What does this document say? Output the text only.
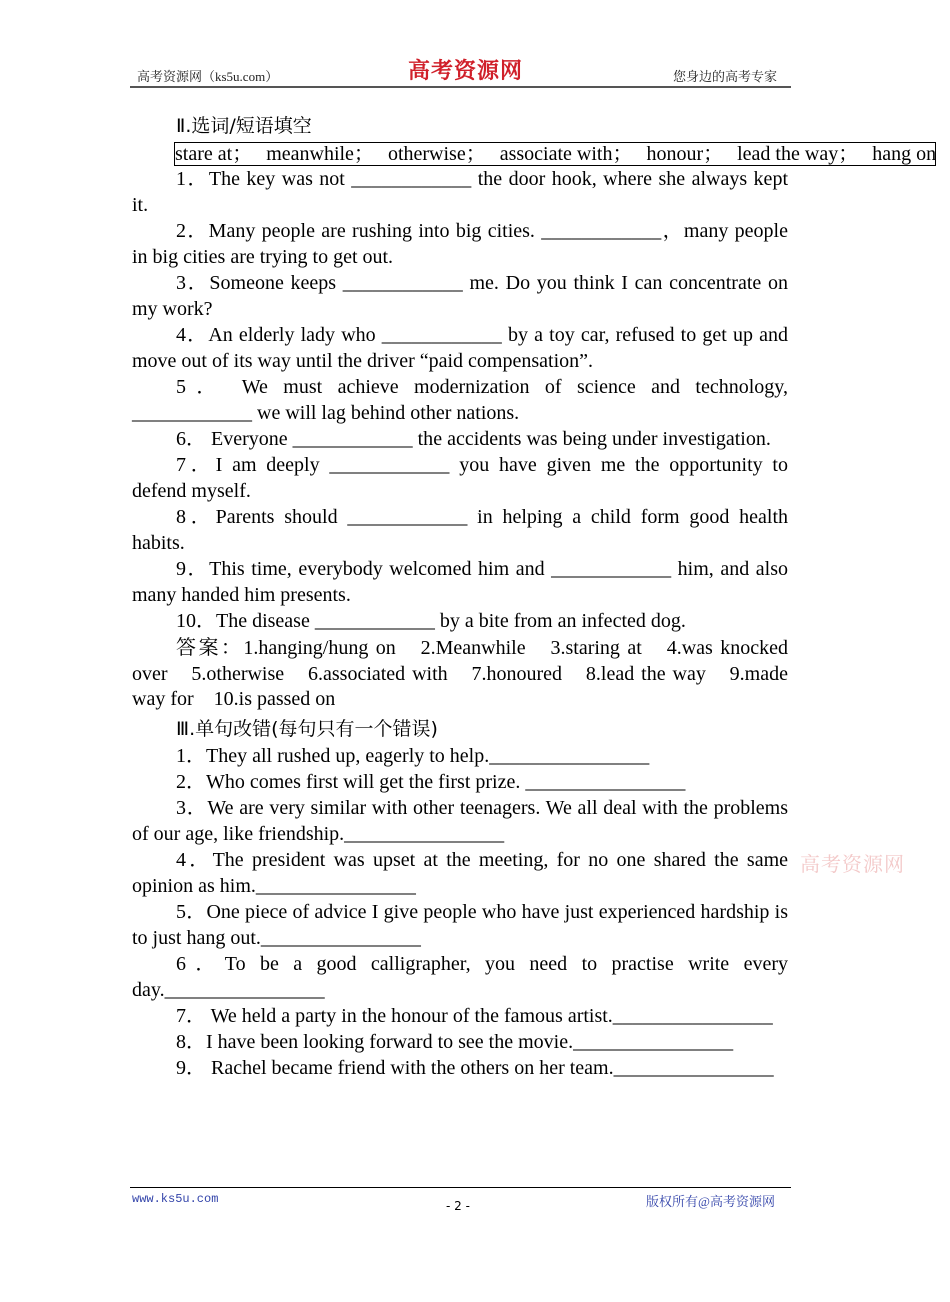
高考资源网（ks5u.com）	高考资源网	您身边的高考专家
Ⅱ.选词/短语填空
stare at； meanwhile； otherwise； associate with； honour； lead the way； hang on

1．The key was not ____________ the door hook, where she always kept it.

2．Many people are rushing into big cities. ____________，many people in big cities are trying to get out.

3．Someone keeps ____________ me. Do you think I can concentrate on my work?

4．An elderly lady who ____________ by a toy car, refused to get up and move out of its way until the driver “paid compensation”.

5． We must achieve modernization of science and technology, ____________ we will lag behind other nations.

6． Everyone ____________ the accidents was being under investigation.

7．I am deeply ____________ you have given me the opportunity to defend myself.

8．Parents should ____________ in helping a child form good health habits.

9．This time, everybody welcomed him and ____________ him, and also many handed him presents.

10．The disease ____________ by a bite from an infected dog.

答案：1.hanging/hung on　2.Meanwhile　3.staring at　4.was knocked over　5.otherwise　6.associated with　7.honoured　8.lead the way　9.made way for　10.is passed on

Ⅲ.单句改错(每句只有一个错误)

1．They all rushed up, eagerly to help.________________

2．Who comes first will get the first prize. ________________

3．We are very similar with other teenagers. We all deal with the problems of our age, like friendship.________________

4．The president was upset at the meeting, for no one shared the same opinion as him.________________

5．One piece of advice I give people who have just experienced hardship is to just hang out.________________

6．To be a good calligrapher, you need to practise write every day.________________

7． We held a party in the honour of the famous artist.________________

8．I have been looking forward to see the movie.________________

9． Rachel became friend with the others on her team.________________

高考资源网
www.ks5u.com	- 2 -	版权所有@高考资源网
